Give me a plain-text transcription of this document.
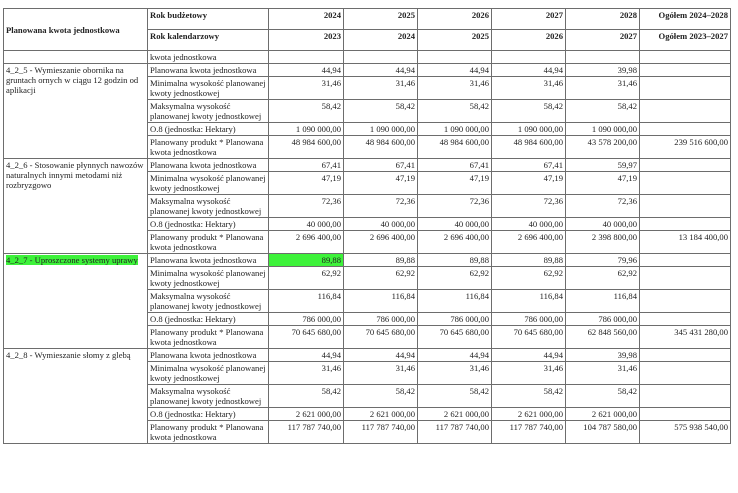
Planowana kwota jednostkowa	Rok budżetowy	2024	2025	2026	2027	2028	Ogółem 2024–2028
	Rok kalendarzowy	2023	2024	2025	2026	2027	Ogółem 2023–2027
	kwota jednostkowa						
4_2_5 - Wymieszanie obornika na gruntach ornych w ciągu 12 godzin od aplikacji	Planowana kwota jednostkowa	44,94	44,94	44,94	44,94	39,98	
	Minimalna wysokość planowanej kwoty jednostkowej	31,46	31,46	31,46	31,46	31,46	
	Maksymalna wysokość planowanej kwoty jednostkowej	58,42	58,42	58,42	58,42	58,42	
	O.8 (jednostka: Hektary)	1 090 000,00	1 090 000,00	1 090 000,00	1 090 000,00	1 090 000,00	
	Planowany produkt * Planowana kwota jednostkowa	48 984 600,00	48 984 600,00	48 984 600,00	48 984 600,00	43 578 200,00	239 516 600,00
4_2_6 - Stosowanie płynnych nawozów naturalnych innymi metodami niż rozbryzgowo	Planowana kwota jednostkowa	67,41	67,41	67,41	67,41	59,97	
	Minimalna wysokość planowanej kwoty jednostkowej	47,19	47,19	47,19	47,19	47,19	
	Maksymalna wysokość planowanej kwoty jednostkowej	72,36	72,36	72,36	72,36	72,36	
	O.8 (jednostka: Hektary)	40 000,00	40 000,00	40 000,00	40 000,00	40 000,00	
	Planowany produkt * Planowana kwota jednostkowa	2 696 400,00	2 696 400,00	2 696 400,00	2 696 400,00	2 398 800,00	13 184 400,00
4_2_7 - Uproszczone systemy uprawy	Planowana kwota jednostkowa	89,88	89,88	89,88	89,88	79,96	
	Minimalna wysokość planowanej kwoty jednostkowej	62,92	62,92	62,92	62,92	62,92	
	Maksymalna wysokość planowanej kwoty jednostkowej	116,84	116,84	116,84	116,84	116,84	
	O.8 (jednostka: Hektary)	786 000,00	786 000,00	786 000,00	786 000,00	786 000,00	
	Planowany produkt * Planowana kwota jednostkowa	70 645 680,00	70 645 680,00	70 645 680,00	70 645 680,00	62 848 560,00	345 431 280,00
4_2_8 - Wymieszanie słomy z glebą	Planowana kwota jednostkowa	44,94	44,94	44,94	44,94	39,98	
	Minimalna wysokość planowanej kwoty jednostkowej	31,46	31,46	31,46	31,46	31,46	
	Maksymalna wysokość planowanej kwoty jednostkowej	58,42	58,42	58,42	58,42	58,42	
	O.8 (jednostka: Hektary)	2 621 000,00	2 621 000,00	2 621 000,00	2 621 000,00	2 621 000,00	
	Planowany produkt * Planowana kwota jednostkowa	117 787 740,00	117 787 740,00	117 787 740,00	117 787 740,00	104 787 580,00	575 938 540,00
